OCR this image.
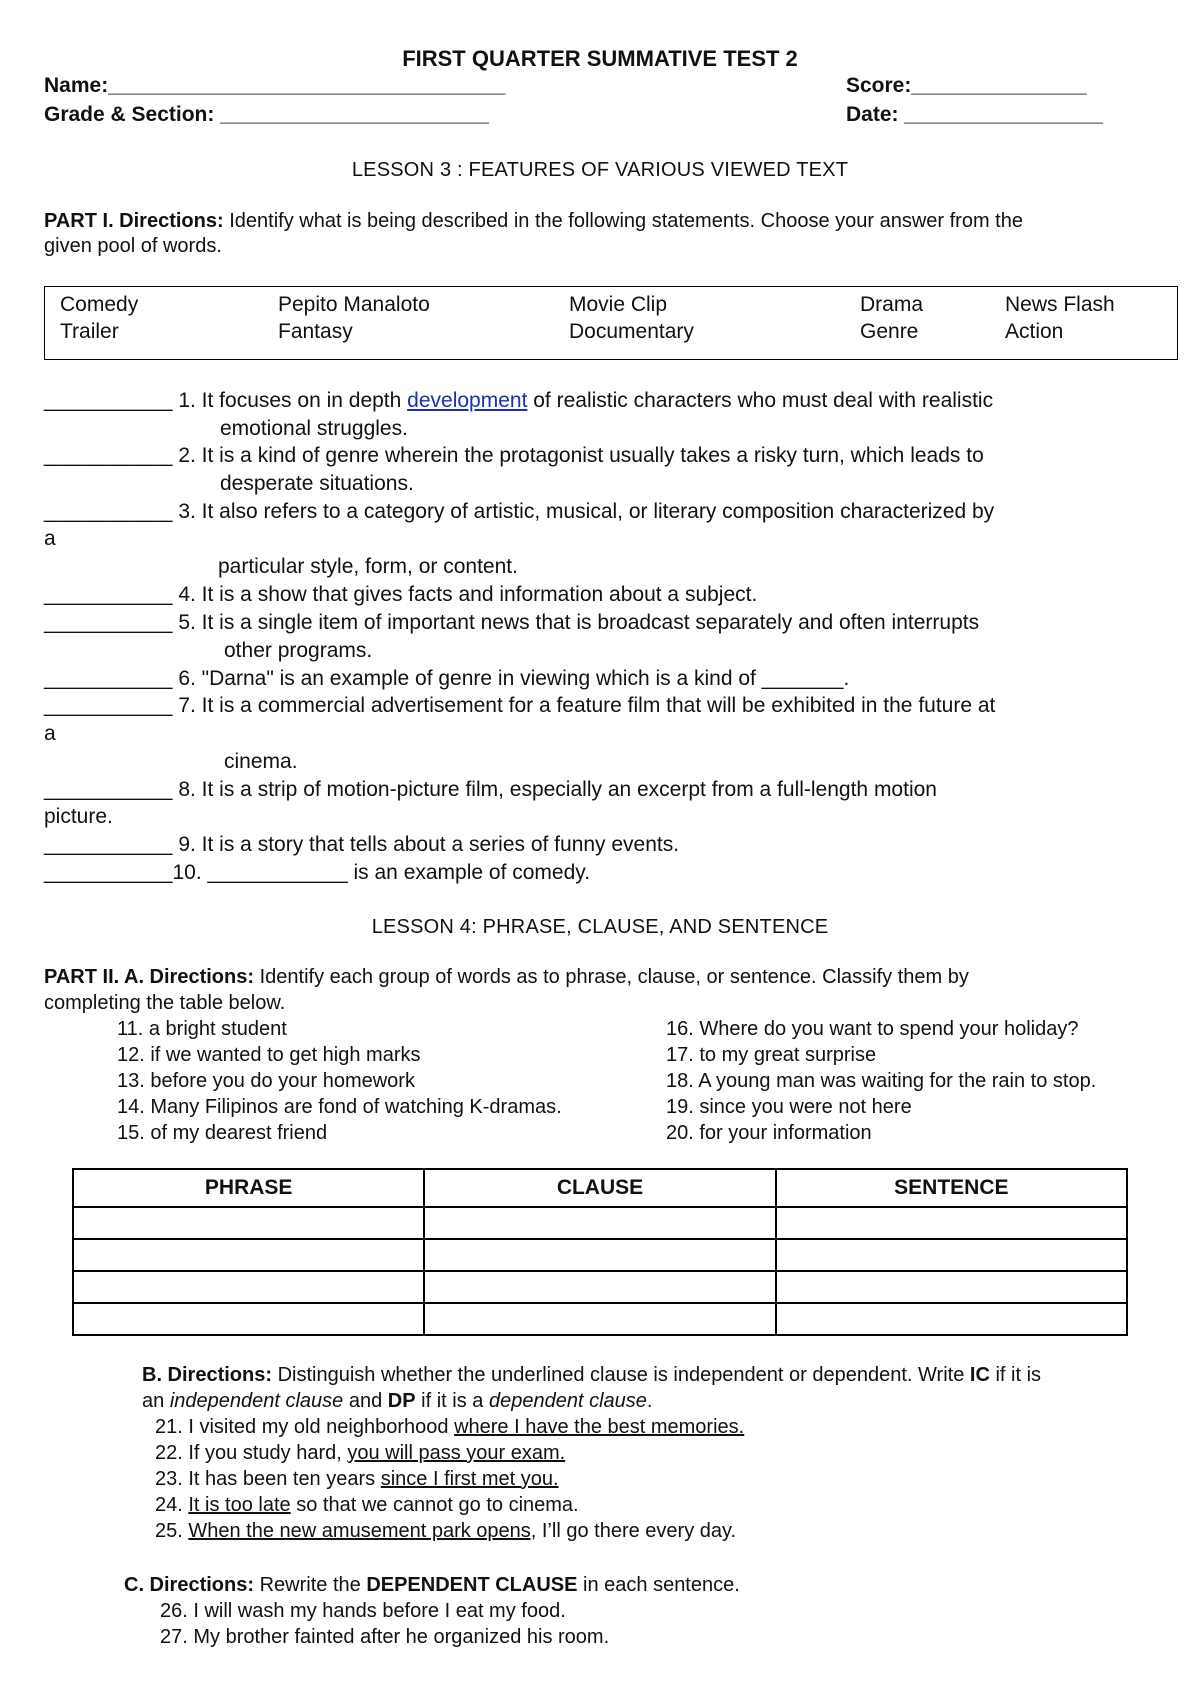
FIRST QUARTER SUMMATIVE TEST 2
Name:__________________________________
Grade & Section: _______________________
Score:_______________
Date: _________________
LESSON 3 : FEATURES OF VARIOUS VIEWED TEXT
PART I. Directions: Identify what is being described in the following statements. Choose your answer from the
given pool of words.
Comedy	Pepito Manaloto	Movie Clip	Drama	News Flash
Trailer	Fantasy	Documentary	Genre	Action
___________ 1. It focuses on in depth development of realistic characters who must deal with realistic
emotional struggles.
___________ 2. It is a kind of genre wherein the protagonist usually takes a risky turn, which leads to
desperate situations.
___________ 3. It also refers to a category of artistic, musical, or literary composition characterized by
a
particular style, form, or content.
___________ 4. It is a show that gives facts and information about a subject.
___________ 5. It is a single item of important news that is broadcast separately and often interrupts
other programs.
___________ 6. "Darna" is an example of genre in viewing which is a kind of _______.
___________ 7. It is a commercial advertisement for a feature film that will be exhibited in the future at
a
cinema.
___________ 8. It is a strip of motion-picture film, especially an excerpt from a full-length motion
picture.
___________ 9. It is a story that tells about a series of funny events.
___________10. ____________ is an example of comedy.
LESSON 4: PHRASE, CLAUSE, AND SENTENCE
PART II. A. Directions: Identify each group of words as to phrase, clause, or sentence. Classify them by
completing the table below.
11. a bright student
12. if we wanted to get high marks
13. before you do your homework
14. Many Filipinos are fond of watching K-dramas.
15. of my dearest friend
16. Where do you want to spend your holiday?
17. to my great surprise
18. A young man was waiting for the rain to stop.
19. since you were not here
20. for your information
PHRASE	CLAUSE	SENTENCE

B. Directions: Distinguish whether the underlined clause is independent or dependent. Write IC if it is
an independent clause and DP if it is a dependent clause.
21. I visited my old neighborhood where I have the best memories.
22. If you study hard, you will pass your exam.
23. It has been ten years since I first met you.
24. It is too late so that we cannot go to cinema.
25. When the new amusement park opens, I’ll go there every day.
C. Directions: Rewrite the DEPENDENT CLAUSE in each sentence.
26. I will wash my hands before I eat my food.
27. My brother fainted after he organized his room.
